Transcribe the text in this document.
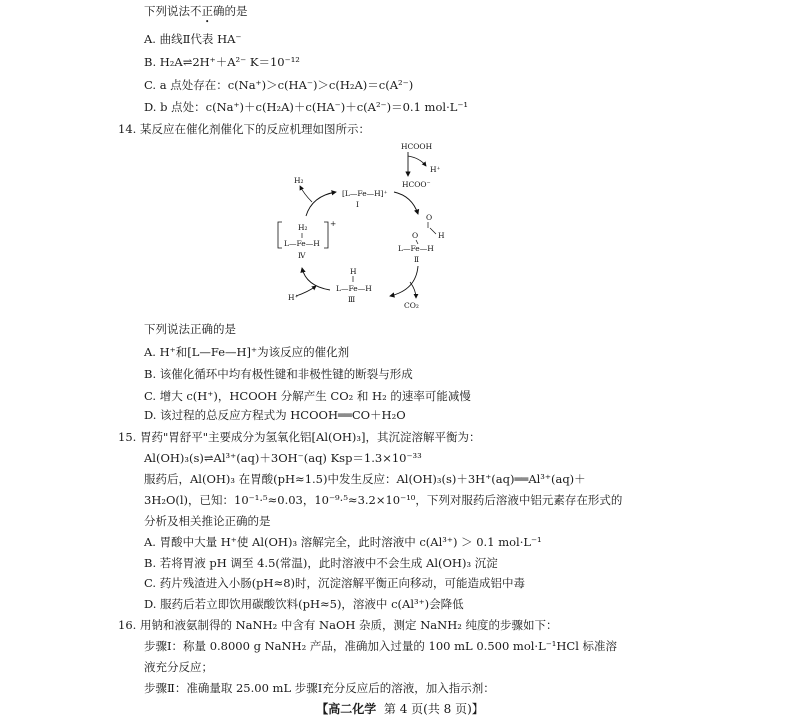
下列说法不正确的是
A. 曲线Ⅱ代表 HA⁻
B. H₂A⇌2H⁺＋A²⁻ K＝10⁻¹²
C. a 点处存在：c(Na⁺)＞c(HA⁻)＞c(H₂A)＝c(A²⁻)
D. b 点处：c(Na⁺)＋c(H₂A)＋c(HA⁻)＋c(A²⁻)＝0.1 mol·L⁻¹
14. 某反应在催化剂催化下的反应机理如图所示：
HCOOH
H⁺
HCOO⁻
[L—Fe—H]⁺
Ⅰ
O
H
O
L—Fe—H
Ⅱ
CO₂
H
L—Fe—H
Ⅲ
H⁺
+
H₂
L—Fe—H
Ⅳ
H₂
下列说法正确的是
A. H⁺和[L—Fe—H]⁺为该反应的催化剂
B. 该催化循环中均有极性键和非极性键的断裂与形成
C. 增大 c(H⁺)，HCOOH 分解产生 CO₂ 和 H₂ 的速率可能减慢
D. 该过程的总反应方程式为 HCOOH══CO＋H₂O
15. 胃药"胃舒平"主要成分为氢氧化铝[Al(OH)₃]，其沉淀溶解平衡为：
Al(OH)₃(s)⇌Al³⁺(aq)＋3OH⁻(aq) Ksp＝1.3×10⁻³³
服药后，Al(OH)₃ 在胃酸(pH≈1.5)中发生反应：Al(OH)₃(s)＋3H⁺(aq)══Al³⁺(aq)＋
3H₂O(l)，已知：10⁻¹·⁵≈0.03，10⁻⁹·⁵≈3.2×10⁻¹⁰，下列对服药后溶液中铝元素存在形式的
分析及相关推论正确的是
A. 胃酸中大量 H⁺使 Al(OH)₃ 溶解完全，此时溶液中 c(Al³⁺) ＞ 0.1 mol·L⁻¹
B. 若将胃液 pH 调至 4.5(常温)，此时溶液中不会生成 Al(OH)₃ 沉淀
C. 药片残渣进入小肠(pH≈8)时，沉淀溶解平衡正向移动，可能造成铝中毒
D. 服药后若立即饮用碳酸饮料(pH≈5)，溶液中 c(Al³⁺)会降低
16. 用钠和液氨制得的 NaNH₂ 中含有 NaOH 杂质，测定 NaNH₂ 纯度的步骤如下：
步骤Ⅰ：称量 0.8000 g NaNH₂ 产品，准确加入过量的 100 mL 0.500 mol·L⁻¹HCl 标准溶
液充分反应；
步骤Ⅱ：准确量取 25.00 mL 步骤Ⅰ充分反应后的溶液，加入指示剂：
【高二化学 第 4 页(共 8 页)】
